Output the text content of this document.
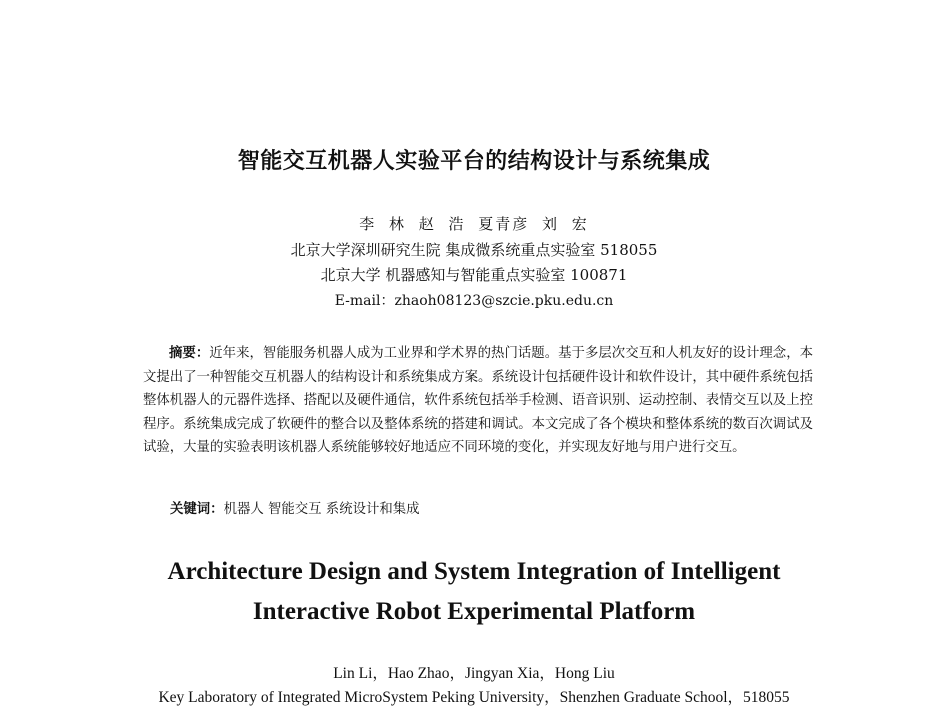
智能交互机器人实验平台的结构设计与系统集成
李 林 赵 浩 夏青彦 刘 宏
北京大学深圳研究生院 集成微系统重点实验室 518055
北京大学 机器感知与智能重点实验室 100871
E-mail：zhaoh08123@szcie.pku.edu.cn
摘要：近年来，智能服务机器人成为工业界和学术界的热门话题。基于多层次交互和人机友好的设计理念，本文提出了一种智能交互机器人的结构设计和系统集成方案。系统设计包括硬件设计和软件设计，其中硬件系统包括整体机器人的元器件选择、搭配以及硬件通信，软件系统包括举手检测、语音识别、运动控制、表情交互以及上控程序。系统集成完成了软硬件的整合以及整体系统的搭建和调试。本文完成了各个模块和整体系统的数百次调试及试验，大量的实验表明该机器人系统能够较好地适应不同环境的变化，并实现友好地与用户进行交互。
关键词：机器人 智能交互 系统设计和集成
Architecture Design and System Integration of Intelligent
Interactive Robot Experimental Platform
Lin Li，Hao Zhao，Jingyan Xia，Hong Liu
Key Laboratory of Integrated MicroSystem Peking University，Shenzhen Graduate School，518055
